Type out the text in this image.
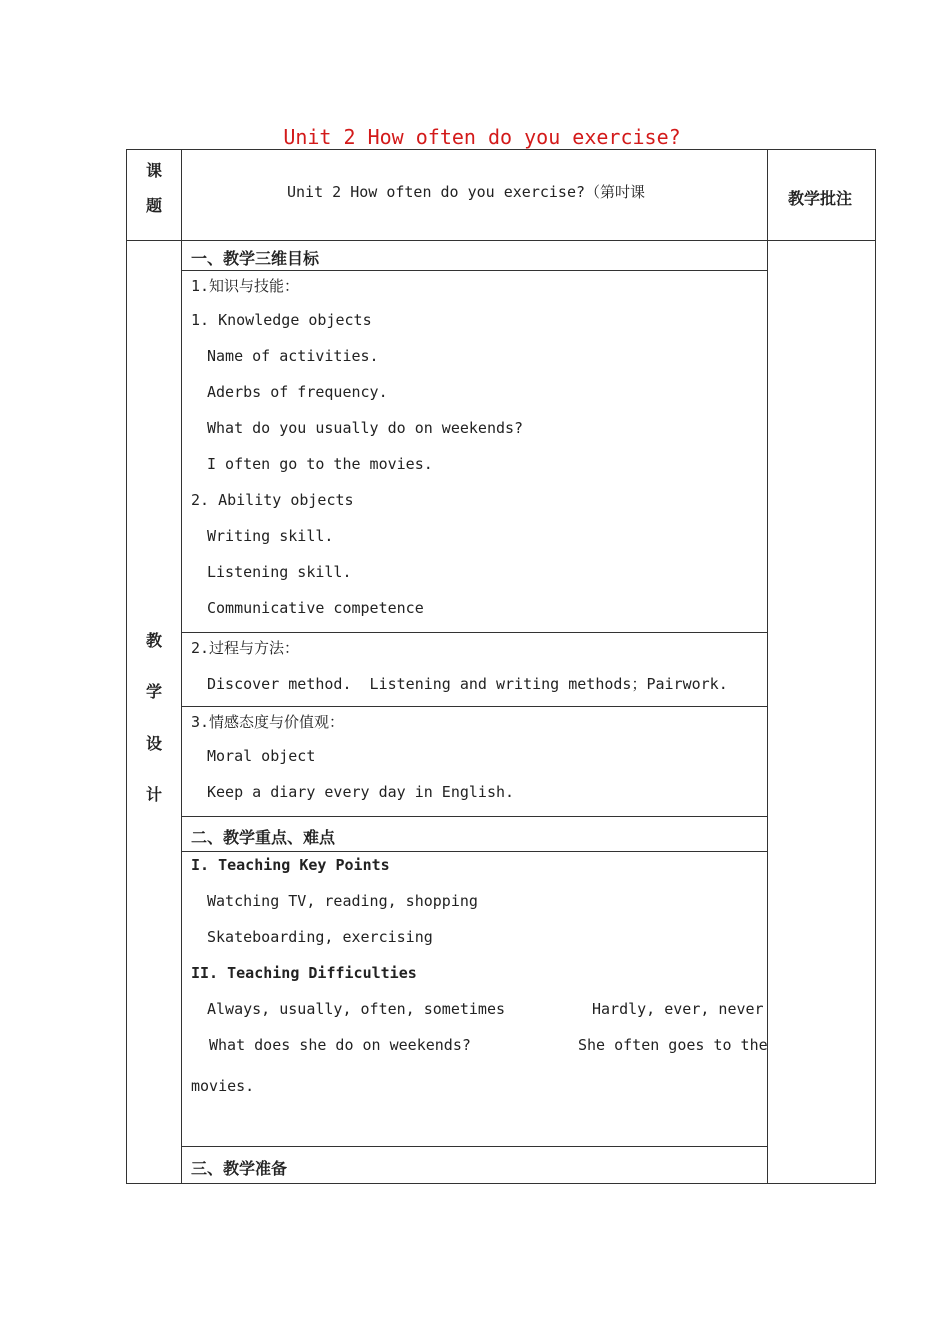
Unit 2 How often do you exercise?
课
题
Unit 2 How often do you exercise?（第吋课	教学批注
教
学
设
计
一、教学三维目标
1.知识与技能：
1. Knowledge objects
Name of activities.
Aderbs of frequency.
What do you usually do on weekends?
I often go to the movies.
2. Ability objects
Writing skill.
Listening skill.
Communicative competence
2.过程与方法：
Discover method.  Listening and writing methods；Pairwork.
3.情感态度与价值观：
Moral object
Keep a diary every day in English.
二、教学重点、难点
I. Teaching Key Points
Watching TV, reading, shopping
Skateboarding, exercising
II. Teaching Difficulties
Always, usually, often, sometimes	Hardly, ever, never
What does she do on weekends?	She often goes to the
movies.
三、教学准备
